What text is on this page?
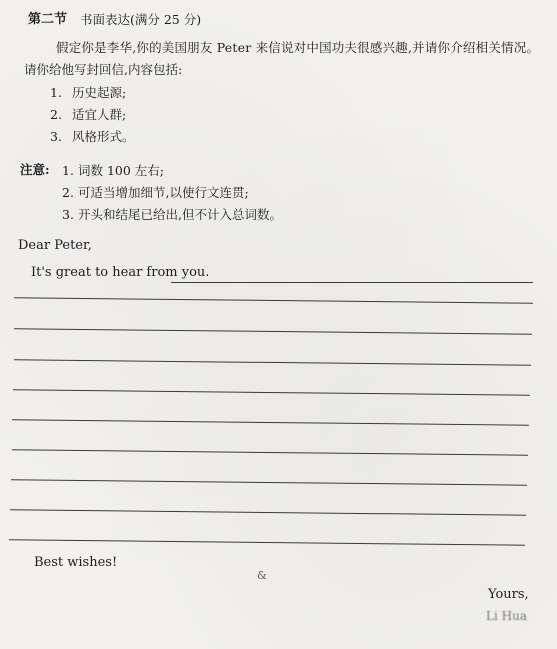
第二节 书面表达(满分 25 分)
假定你是李华,你的美国朋友 Peter 来信说对中国功夫很感兴趣,并请你介绍相关情况。
请你给他写封回信,内容包括:
1. 历史起源;
2. 适宜人群;
3. 风格形式。
注意: 1. 词数 100 左右;
2. 可适当增加细节,以使行文连贯;
3. 开头和结尾已给出,但不计入总词数。
Dear Peter,
It's great to hear from you.
Best wishes!
&
Yours,
Li Hua
